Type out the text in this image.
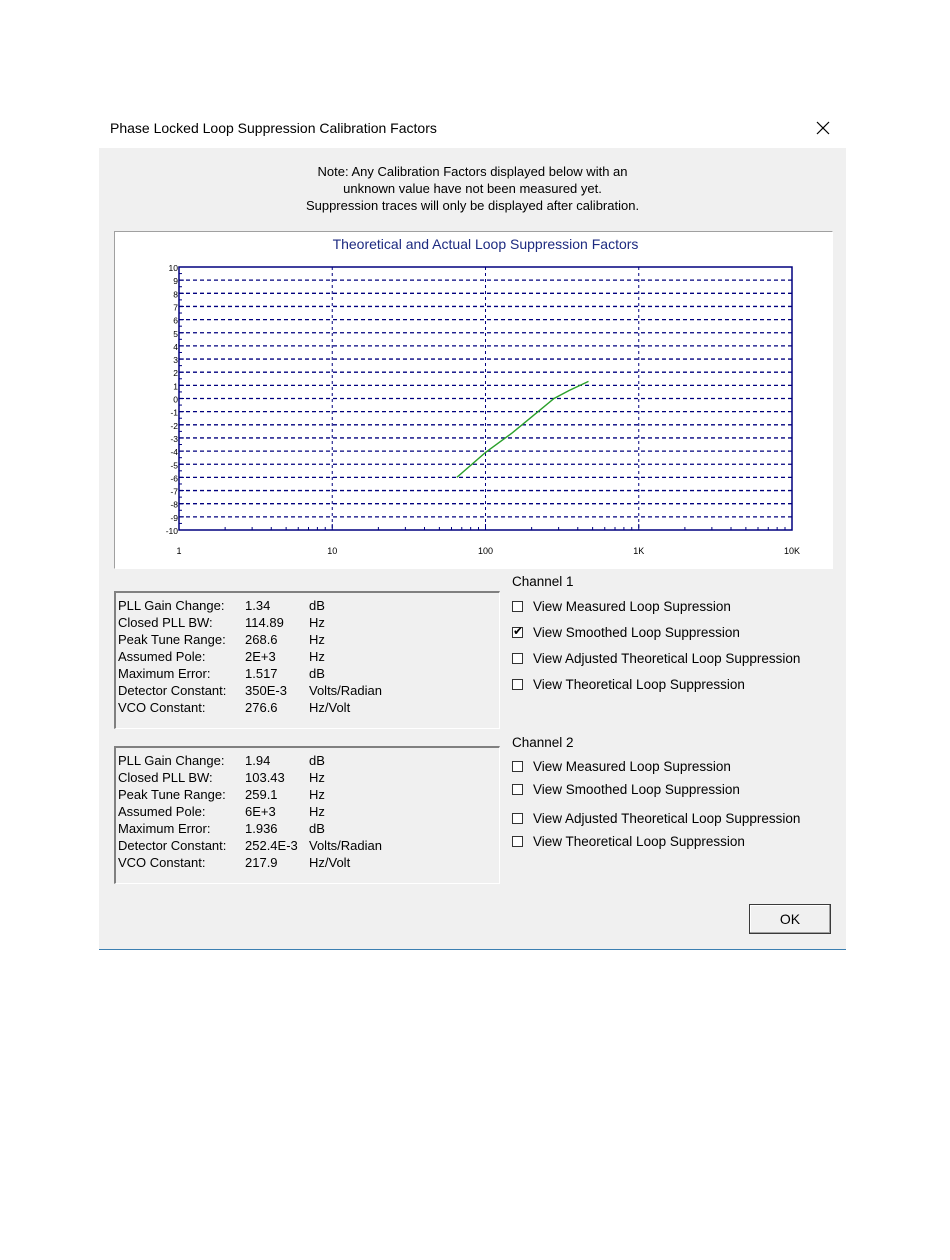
Phase Locked Loop Suppression Calibration Factors
Note: Any Calibration Factors displayed below with an
unknown value have not been measured yet.
Suppression traces will only be displayed after calibration.
Theoretical and Actual Loop Suppression Factors
10
9
8
7
6
5
4
3
2
1
0
-1
-2
-3
-4
-5
-6
-7
-8
-9
-10
1	10	100	1K	10K
PLL Gain Change:	1.34	dB
Closed PLL BW:	114.89	Hz
Peak Tune Range:	268.6	Hz
Assumed Pole:	2E+3	Hz
Maximum Error:	1.517	dB
Detector Constant:	350E-3	Volts/Radian
VCO Constant:	276.6	Hz/Volt
PLL Gain Change:	1.94	dB
Closed PLL BW:	103.43	Hz
Peak Tune Range:	259.1	Hz
Assumed Pole:	6E+3	Hz
Maximum Error:	1.936	dB
Detector Constant:	252.4E-3 Volts/Radian
VCO Constant:	217.9	Hz/Volt
Channel 1
View Measured Loop Supression
✔ View Smoothed Loop Suppression
View Adjusted Theoretical Loop Suppression
View Theoretical Loop Suppression
Channel 2
View Measured Loop Supression
View Smoothed Loop Suppression
View Adjusted Theoretical Loop Suppression
View Theoretical Loop Suppression
OK
